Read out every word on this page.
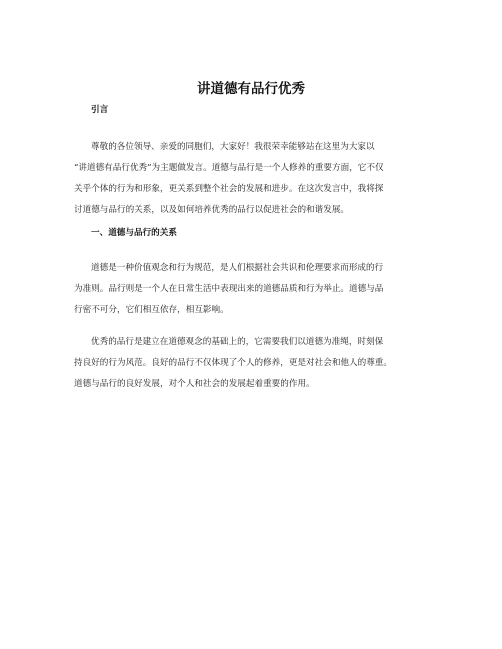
讲道德有品行优秀
引言
尊敬的各位领导、亲爱的同胞们，大家好！我很荣幸能够站在这里为大家以
“讲道德有品行优秀”为主题做发言。道德与品行是一个人修养的重要方面，它不仅
关乎个体的行为和形象，更关系到整个社会的发展和进步。在这次发言中，我将探
讨道德与品行的关系，以及如何培养优秀的品行以促进社会的和谐发展。
一、道德与品行的关系
道德是一种价值观念和行为规范，是人们根据社会共识和伦理要求而形成的行
为准则。品行则是一个人在日常生活中表现出来的道德品质和行为举止。道德与品
行密不可分，它们相互依存，相互影响。
优秀的品行是建立在道德观念的基础上的，它需要我们以道德为准绳，时刻保
持良好的行为风范。良好的品行不仅体现了个人的修养，更是对社会和他人的尊重。
道德与品行的良好发展，对个人和社会的发展起着重要的作用。
